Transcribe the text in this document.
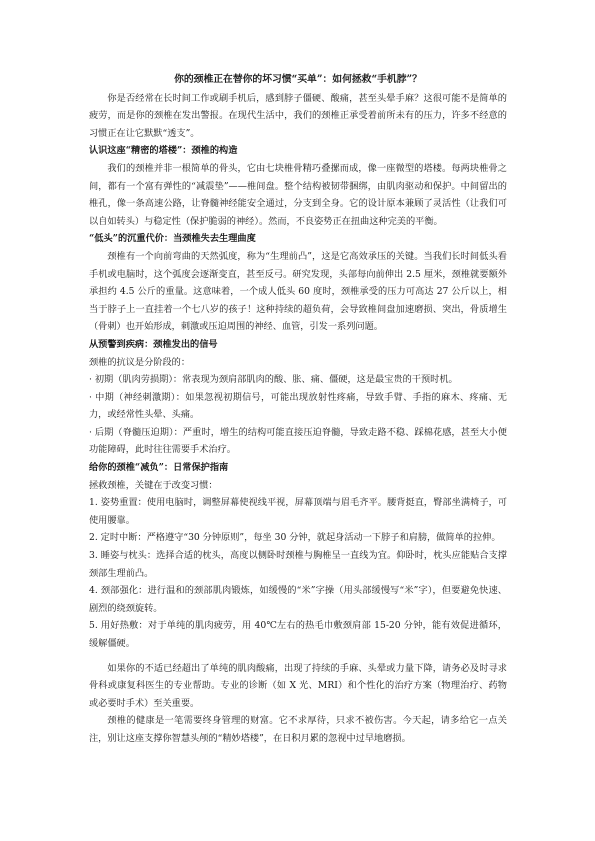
你的颈椎正在替你的坏习惯“买单”：如何拯救“手机脖”？

你是否经常在长时间工作或刷手机后，感到脖子僵硬、酸痛，甚至头晕手麻？这很可能不是简单的疲劳，而是你的颈椎在发出警报。在现代生活中，我们的颈椎正承受着前所未有的压力，许多不经意的习惯正在让它默默“透支”。

认识这座“精密的塔楼”：颈椎的构造

我们的颈椎并非一根简单的骨头，它由七块椎骨精巧叠摞而成，像一座微型的塔楼。每两块椎骨之间，都有一个富有弹性的“减震垫”——椎间盘。整个结构被韧带捆绑，由肌肉驱动和保护。中间留出的椎孔，像一条高速公路，让脊髓神经能安全通过，分支到全身。它的设计原本兼顾了灵活性（让我们可以自如转头）与稳定性（保护脆弱的神经）。然而，不良姿势正在扭曲这种完美的平衡。

“低头”的沉重代价：当颈椎失去生理曲度

颈椎有一个向前弯曲的天然弧度，称为“生理前凸”，这是它高效承压的关键。当我们长时间低头看手机或电脑时，这个弧度会逐渐变直，甚至反弓。研究发现，头部每向前伸出 2.5 厘米，颈椎就要额外承担约 4.5 公斤的重量。这意味着，一个成人低头 60 度时，颈椎承受的压力可高达 27 公斤以上，相当于脖子上一直挂着一个七八岁的孩子！这种持续的超负荷，会导致椎间盘加速磨损、突出，骨质增生（骨刺）也开始形成，刺激或压迫周围的神经、血管，引发一系列问题。

从预警到疾病：颈椎发出的信号

颈椎的抗议是分阶段的：

· 初期（肌肉劳损期）：常表现为颈肩部肌肉的酸、胀、痛、僵硬，这是最宝贵的干预时机。

· 中期（神经刺激期）：如果忽视初期信号，可能出现放射性疼痛，导致手臂、手指的麻木、疼痛、无力，或经常性头晕、头痛。

· 后期（脊髓压迫期）：严重时，增生的结构可能直接压迫脊髓，导致走路不稳、踩棉花感，甚至大小便功能障碍，此时往往需要手术治疗。

给你的颈椎“减负”：日常保护指南

拯救颈椎，关键在于改变习惯：

1. 姿势重置：使用电脑时，调整屏幕使视线平视，屏幕顶端与眉毛齐平。腰背挺直，臀部坐满椅子，可使用腰靠。

2. 定时中断：严格遵守“30 分钟原则”，每坐 30 分钟，就起身活动一下脖子和肩膀，做简单的拉伸。

3. 睡姿与枕头：选择合适的枕头，高度以侧卧时颈椎与胸椎呈一直线为宜。仰卧时，枕头应能贴合支撑颈部生理前凸。

4. 颈部强化：进行温和的颈部肌肉锻炼，如缓慢的“米”字操（用头部缓慢写“米”字），但要避免快速、剧烈的绕颈旋转。

5. 用好热敷：对于单纯的肌肉疲劳，用 40℃左右的热毛巾敷颈肩部 15-20 分钟，能有效促进循环，缓解僵硬。

如果你的不适已经超出了单纯的肌肉酸痛，出现了持续的手麻、头晕或力量下降，请务必及时寻求骨科或康复科医生的专业帮助。专业的诊断（如 X 光、MRI）和个性化的治疗方案（物理治疗、药物或必要时手术）至关重要。

颈椎的健康是一笔需要终身管理的财富。它不求厚待，只求不被伤害。今天起，请多给它一点关注，别让这座支撑你智慧头颅的“精妙塔楼”，在日积月累的忽视中过早地磨损。
